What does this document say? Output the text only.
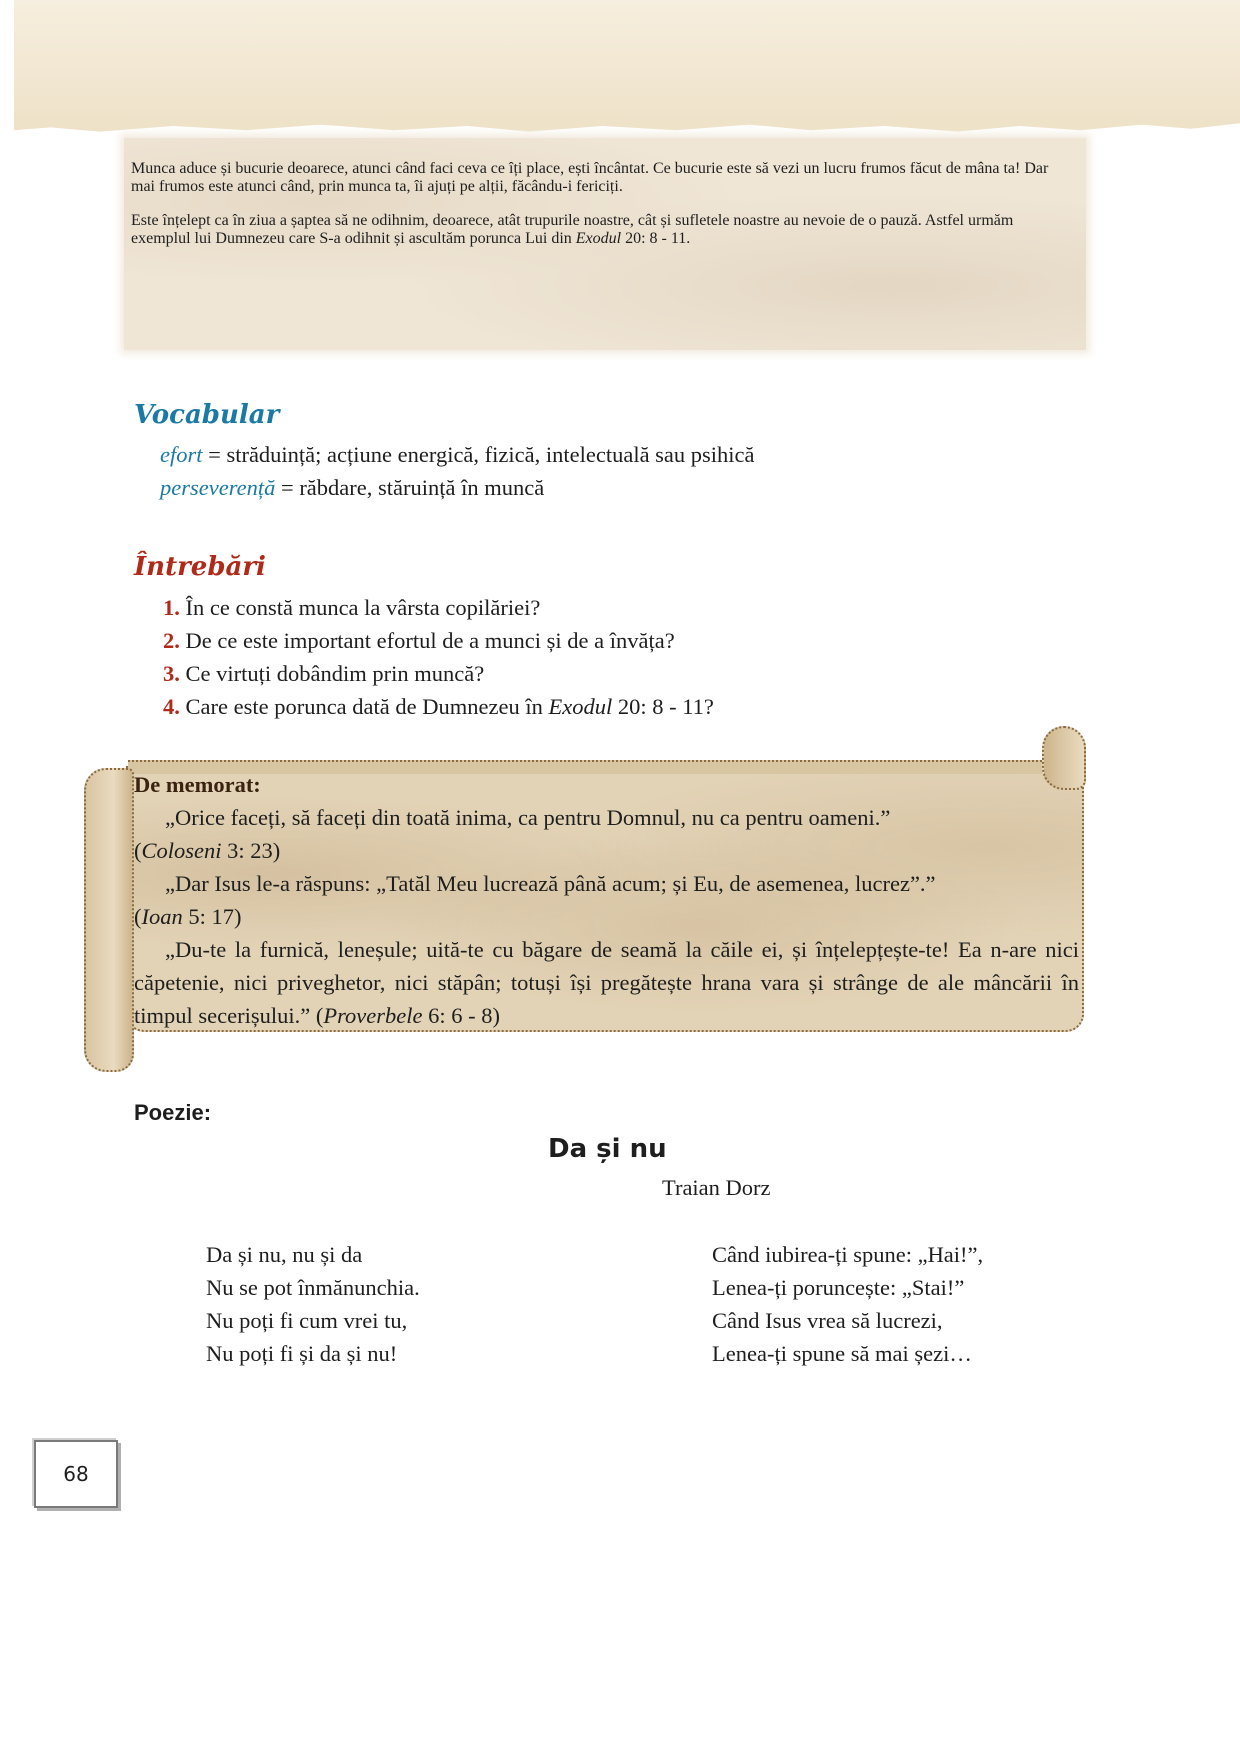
Munca aduce și bucurie deoarece, atunci când faci ceva ce îți place, ești încântat. Ce bucurie este să vezi un lucru frumos făcut de mâna ta! Dar mai frumos este atunci când, prin munca ta, îi ajuți pe alții, făcându-i fericiți.

Este înțelept ca în ziua a șaptea să ne odihnim, deoarece, atât trupurile noastre, cât și sufletele noastre au nevoie de o pauză. Astfel urmăm exemplul lui Dumnezeu care S-a odihnit și ascultăm porunca Lui din Exodul 20: 8 - 11.

Vocabular
efort = străduință; acțiune energică, fizică, intelectuală sau psihică
perseverență = răbdare, stăruință în muncă
Întrebări
1. În ce constă munca la vârsta copilăriei?
2. De ce este important efortul de a munci și de a învăța?
3. Ce virtuți dobândim prin muncă?
4. Care este porunca dată de Dumnezeu în Exodul 20: 8 - 11?
De memorat:

„Orice faceți, să faceți din toată inima, ca pentru Domnul, nu ca pentru oameni.”

(Coloseni 3: 23)

„Dar Isus le-a răspuns: „Tatăl Meu lucrează până acum; și Eu, de asemenea, lucrez”.”

(Ioan 5: 17)

„Du-te la furnică, leneșule; uită-te cu băgare de seamă la căile ei, și înțelepțește-te! Ea n-are nici căpetenie, nici priveghetor, nici stăpân; totuși își pregătește hrana vara și strânge de ale mâncării în timpul secerișului.” (Proverbele 6: 6 - 8)

Poezie:
Da și nu
Traian Dorz
Da și nu, nu și da
Nu se pot înmănunchia.
Nu poți fi cum vrei tu,
Nu poți fi și da și nu!
Când iubirea-ți spune: „Hai!”,
Lenea-ți poruncește: „Stai!”
Când Isus vrea să lucrezi,
Lenea-ți spune să mai șezi…
68
